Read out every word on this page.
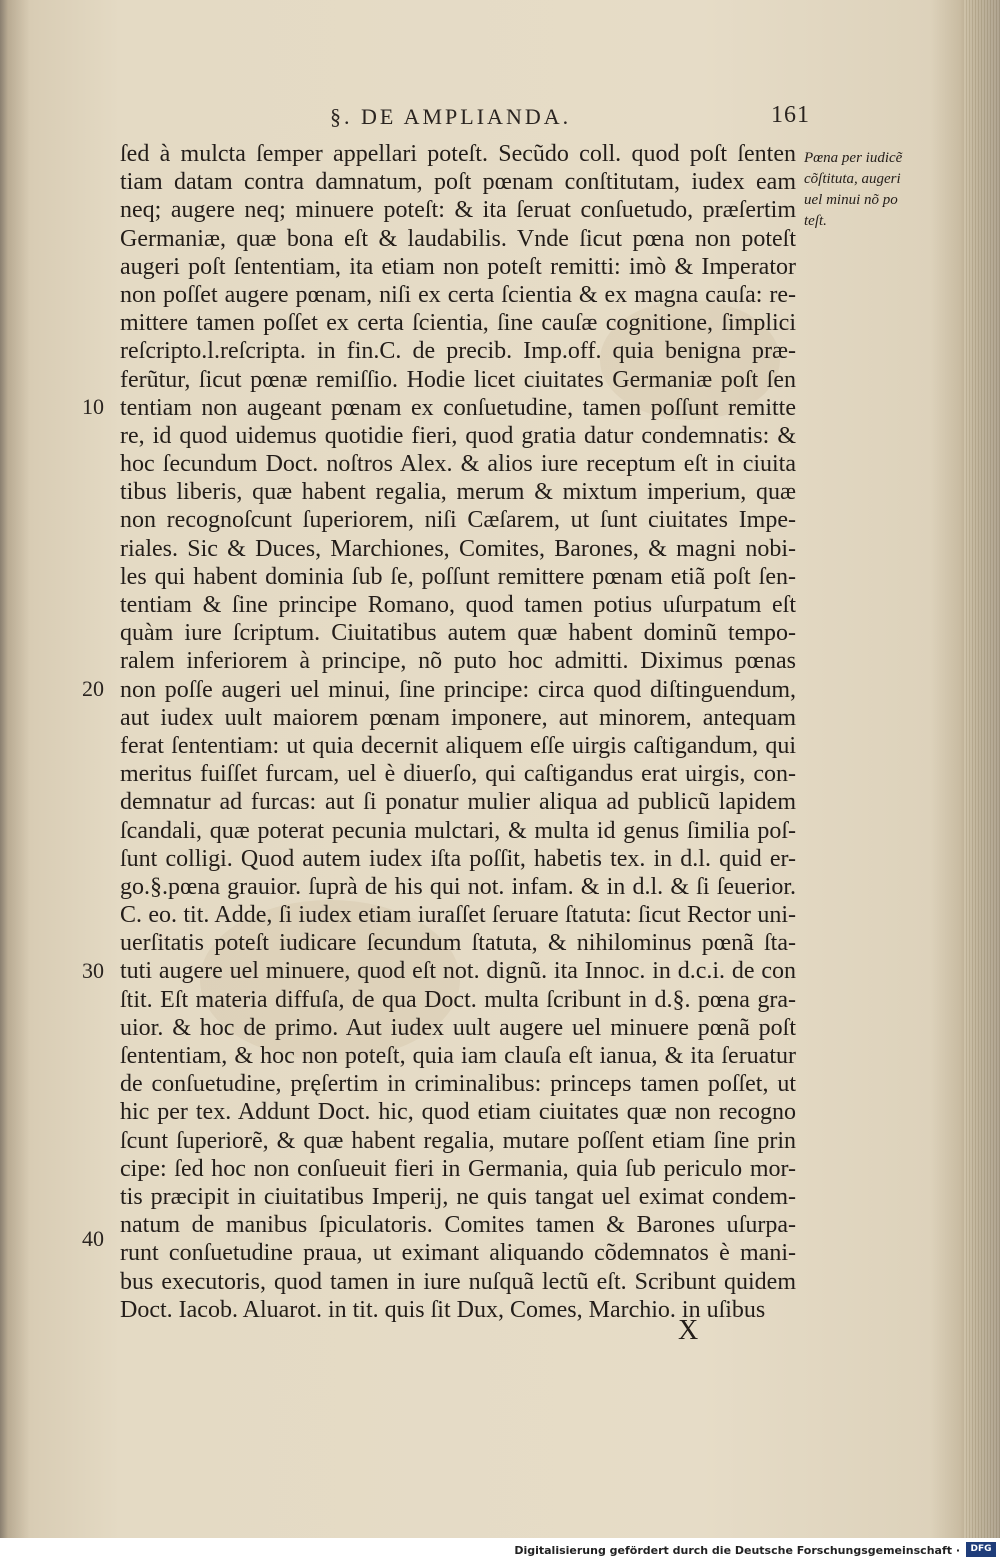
§. DE AMPLIANDA.	161
ſed à mulcta ſemper appellari poteſt. Secũdo coll. quod poſt ſenten
tiam datam contra damnatum, poſt pœnam conſtitutam, iudex eam
neq; augere neq; minuere poteſt: & ita ſeruat conſuetudo, præſertim
Germaniæ, quæ bona eſt & laudabilis. Vnde ſicut pœna non poteſt
augeri poſt ſententiam, ita etiam non poteſt remitti: imò & Imperator
non poſſet augere pœnam, niſi ex certa ſcientia & ex magna cauſa: re-
mittere tamen poſſet ex certa ſcientia, ſine cauſæ cognitione, ſimplici
reſcripto.l.reſcripta. in fin.C. de precib. Imp.off. quia benigna præ-
ferũtur, ſicut pœnæ remiſſio. Hodie licet ciuitates Germaniæ poſt ſen
tentiam non augeant pœnam ex conſuetudine, tamen poſſunt remitte
re, id quod uidemus quotidie fieri, quod gratia datur condemnatis: &
hoc ſecundum Doct. noſtros Alex. & alios iure receptum eſt in ciuita
tibus liberis, quæ habent regalia, merum & mixtum imperium, quæ
non recognoſcunt ſuperiorem, niſi Cæſarem, ut ſunt ciuitates Impe-
riales. Sic & Duces, Marchiones, Comites, Barones, & magni nobi-
les qui habent dominia ſub ſe, poſſunt remittere pœnam etiã poſt ſen-
tentiam & ſine principe Romano, quod tamen potius uſurpatum eſt
quàm iure ſcriptum. Ciuitatibus autem quæ habent dominũ tempo-
ralem inferiorem à principe, nõ puto hoc admitti. Diximus pœnas
non poſſe augeri uel minui, ſine principe: circa quod diſtinguendum,
aut iudex uult maiorem pœnam imponere, aut minorem, antequam
ferat ſententiam: ut quia decernit aliquem eſſe uirgis caſtigandum, qui
meritus fuiſſet furcam, uel è diuerſo, qui caſtigandus erat uirgis, con-
demnatur ad furcas: aut ſi ponatur mulier aliqua ad publicũ lapidem
ſcandali, quæ poterat pecunia mulctari, & multa id genus ſimilia poſ-
ſunt colligi. Quod autem iudex iſta poſſit, habetis tex. in d.l. quid er-
go.§.pœna grauior. ſuprà de his qui not. infam. & in d.l. & ſi ſeuerior.
C. eo. tit. Adde, ſi iudex etiam iuraſſet ſeruare ſtatuta: ſicut Rector uni-
uerſitatis poteſt iudicare ſecundum ſtatuta, & nihilominus pœnã ſta-
tuti augere uel minuere, quod eſt not. dignũ. ita Innoc. in d.c.i. de con
ſtit. Eſt materia diffuſa, de qua Doct. multa ſcribunt in d.§. pœna gra-
uior. & hoc de primo. Aut iudex uult augere uel minuere pœnã poſt
ſententiam, & hoc non poteſt, quia iam clauſa eſt ianua, & ita ſeruatur
de conſuetudine, pręſertim in criminalibus: princeps tamen poſſet, ut
hic per tex. Addunt Doct. hic, quod etiam ciuitates quæ non recogno
ſcunt ſuperiorẽ, & quæ habent regalia, mutare poſſent etiam ſine prin
cipe: ſed hoc non conſueuit fieri in Germania, quia ſub periculo mor-
tis præcipit in ciuitatibus Imperij, ne quis tangat uel eximat condem-
natum de manibus ſpiculatoris. Comites tamen & Barones uſurpa-
runt conſuetudine praua, ut eximant aliquando cõdemnatos è mani-
bus executoris, quod tamen in iure nuſquã lectũ eſt. Scribunt quidem
Doct. Iacob. Aluarot. in tit. quis ſit Dux, Comes, Marchio. in uſibus
10
20
30
40
Pœna per iudicẽ
cõſtituta, augeri
uel minui nõ po
teſt.
X
Digitalisierung gefördert durch die Deutsche Forschungsgemeinschaft ·	DFG
